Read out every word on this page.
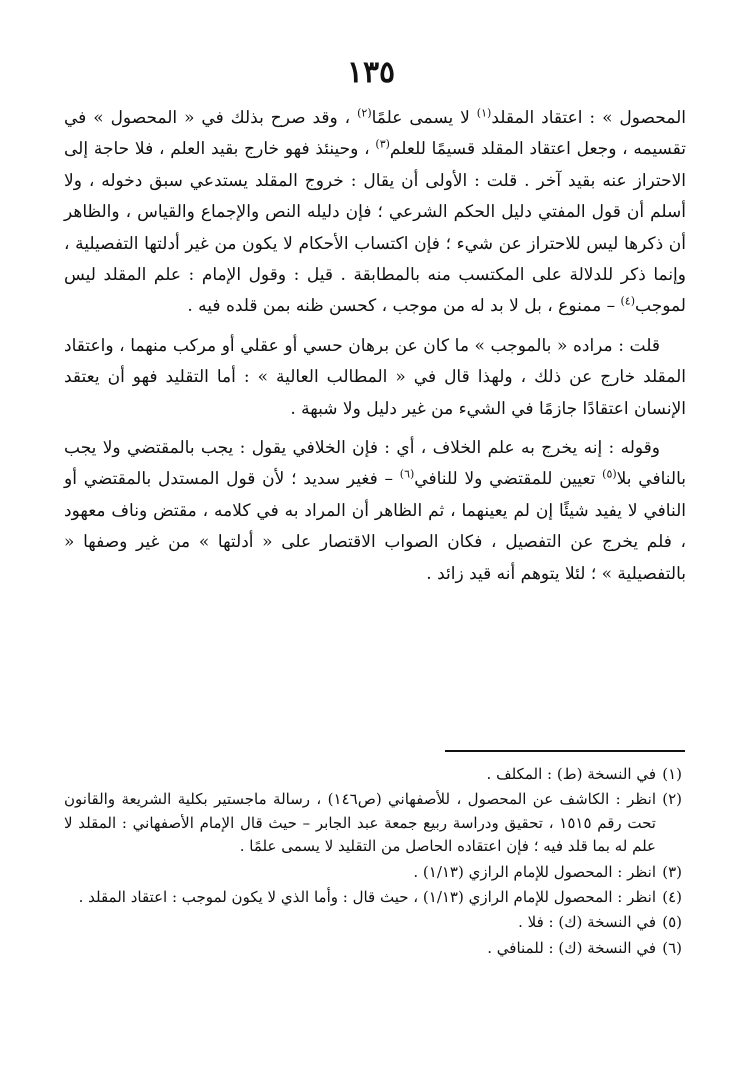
١٣٥

المحصول » : اعتقاد المقلد$^{(١)}$ لا يسمى علمًا$^{(٢)}$ ، وقد صرح بذلك في « المحصول » في تقسيمه ، وجعل اعتقاد المقلد قسيمًا للعلم$^{(٣)}$ ، وحينئذ فهو خارج بقيد العلم ، فلا حاجة إلى الاحتراز عنه بقيد آخر . قلت : الأولى أن يقال : خروج المقلد يستدعي سبق دخوله ، ولا أسلم أن قول المفتي دليل الحكم الشرعي ؛ فإن دليله النص والإجماع والقياس ، والظاهر أن ذكرها ليس للاحتراز عن شيء ؛ فإن اكتساب الأحكام لا يكون من غير أدلتها التفصيلية ، وإنما ذكر للدلالة على المكتسب منه بالمطابقة . قيل : وقول الإمام : علم المقلد ليس لموجب$^{(٤)}$ – ممنوع ، بل لا بد له من موجب ، كحسن ظنه بمن قلده فيه .

قلت : مراده « بالموجب » ما كان عن برهان حسي أو عقلي أو مركب منهما ، واعتقاد المقلد خارج عن ذلك ، ولهذا قال في « المطالب العالية » : أما التقليد فهو أن يعتقد الإنسان اعتقادًا جازمًا في الشيء من غير دليل ولا شبهة .

وقوله : إنه يخرج به علم الخلاف ، أي : فإن الخلافي يقول : يجب بالمقتضي ولا يجب بالنافي بلا$^{(٥)}$ تعيين للمقتضي ولا للنافي$^{(٦)}$ – فغير سديد ؛ لأن قول المستدل بالمقتضي أو النافي لا يفيد شيئًا إن لم يعينهما ، ثم الظاهر أن المراد به في كلامه ، مقتض وناف معهود ، فلم يخرج عن التفصيل ، فكان الصواب الاقتصار على « أدلتها » من غير وصفها « بالتفصيلية » ؛ لئلا يتوهم أنه قيد زائد .

(١)
في النسخة (ط) : المكلف .

(٢)
انظر : الكاشف عن المحصول ، للأصفهاني (ص١٤٦) ، رسالة ماجستير بكلية الشريعة والقانون تحت رقم ١٥١٥ ، تحقيق ودراسة ربيع جمعة عبد الجابر – حيث قال الإمام الأصفهاني : المقلد لا علم له بما قلد فيه ؛ فإن اعتقاده الحاصل من التقليد لا يسمى علمًا .

(٣)
انظر : المحصول للإمام الرازي (١/١٣) .

(٤)
انظر : المحصول للإمام الرازي (١/١٣) ، حيث قال : وأما الذي لا يكون لموجب : اعتقاد المقلد .

(٥)
في النسخة (ك) : فلا .

(٦)
في النسخة (ك) : للمنافي .
